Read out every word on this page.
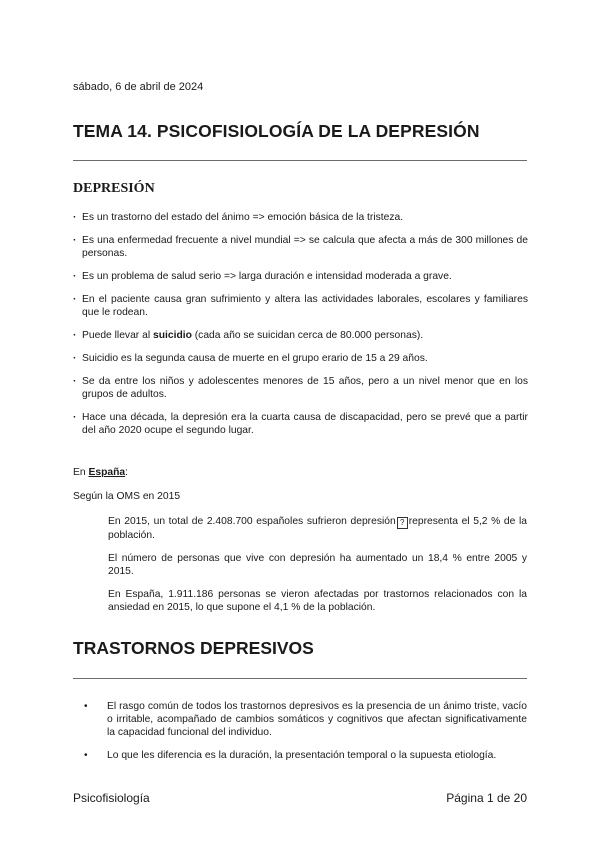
sábado, 6 de abril de 2024
TEMA 14. PSICOFISIOLOGÍA DE LA DEPRESIÓN
DEPRESIÓN
· Es un trastorno del estado del ánimo => emoción básica de la tristeza.
· Es una enfermedad frecuente a nivel mundial => se calcula que afecta a más de 300 millones de personas.
· Es un problema de salud serio => larga duración e intensidad moderada a grave.
· En el paciente causa gran sufrimiento y altera las actividades laborales, escolares y familiares que le rodean.
· Puede llevar al suicidio (cada año se suicidan cerca de 80.000 personas).
· Suicidio es la segunda causa de muerte en el grupo erario de 15 a 29 años.
· Se da entre los niños y adolescentes menores de 15 años, pero a un nivel menor que en los grupos de adultos.
· Hace una década, la depresión era la cuarta causa de discapacidad, pero se prevé que a partir del año 2020 ocupe el segundo lugar.
En España:
Según la OMS en 2015

En 2015, un total de 2.408.700 españoles sufrieron depresión ? representa el 5,2 % de la población.

El número de personas que vive con depresión ha aumentado un 18,4 % entre 2005 y 2015.

En España, 1.911.186 personas se vieron afectadas por trastornos relacionados con la ansiedad en 2015, lo que supone el 4,1 % de la población.

TRASTORNOS DEPRESIVOS
• El rasgo común de todos los trastornos depresivos es la presencia de un ánimo triste, vacío o irritable, acompañado de cambios somáticos y cognitivos que afectan significativamente la capacidad funcional del individuo.
• Lo que les diferencia es la duración, la presentación temporal o la supuesta etiología.
Psicofisiología	Página 1 de 20
